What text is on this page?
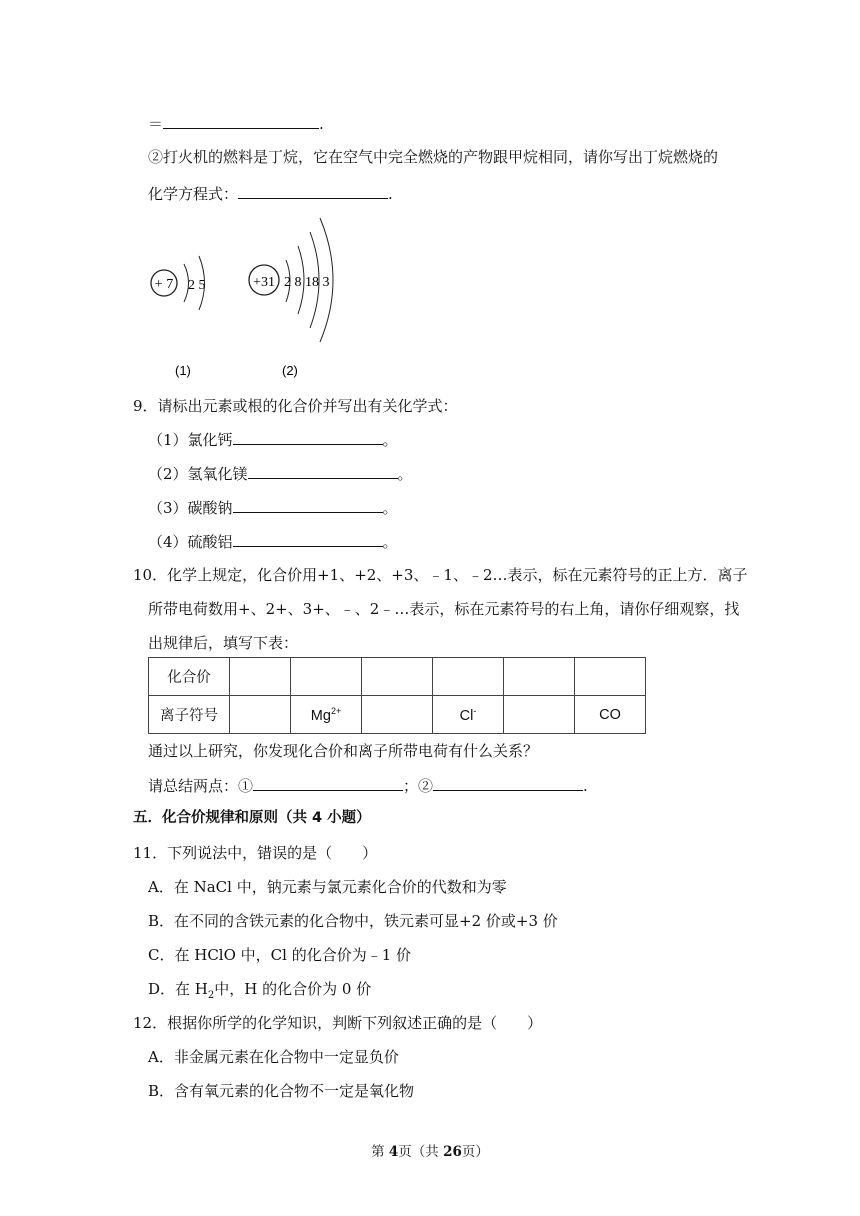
＝	.
②打火机的燃料是丁烷，它在空气中完全燃烧的产物跟甲烷相同，请你写出丁烷燃烧的
化学方程式：	.
+ 7 2 5
(1)
+31 2 8 18 3
(2)
9．请标出元素或根的化合价并写出有关化学式：
（1）氯化钙	。
（2）氢氧化镁	。
（3）碳酸钠	。
（4）硫酸铝	。
10．化学上规定，化合价用+1、+2、+3、﹣1、﹣2…表示，标在元素符号的正上方．离子
所带电荷数用+、2+、3+、﹣、2﹣…表示，标在元素符号的右上角，请你仔细观察，找
出规律后，填写下表：
化合价						
离子符号		$Mg^{2+}$		Cl-		CO
通过以上研究，你发现化合价和离子所带电荷有什么关系？
请总结两点：①	；②	.
五．化合价规律和原则（共 4 小题）
11．下列说法中，错误的是（　　）
A．在 NaCl 中，钠元素与氯元素化合价的代数和为零
B．在不同的含铁元素的化合物中，铁元素可显+2 价或+3 价
C．在 HClO 中，Cl 的化合价为﹣1 价
D．在 $H_2$中，H 的化合价为 0 价
12．根据你所学的化学知识，判断下列叙述正确的是（　　）
A．非金属元素在化合物中一定显负价
B．含有氧元素的化合物不一定是氧化物
第 4页（共 26页）
